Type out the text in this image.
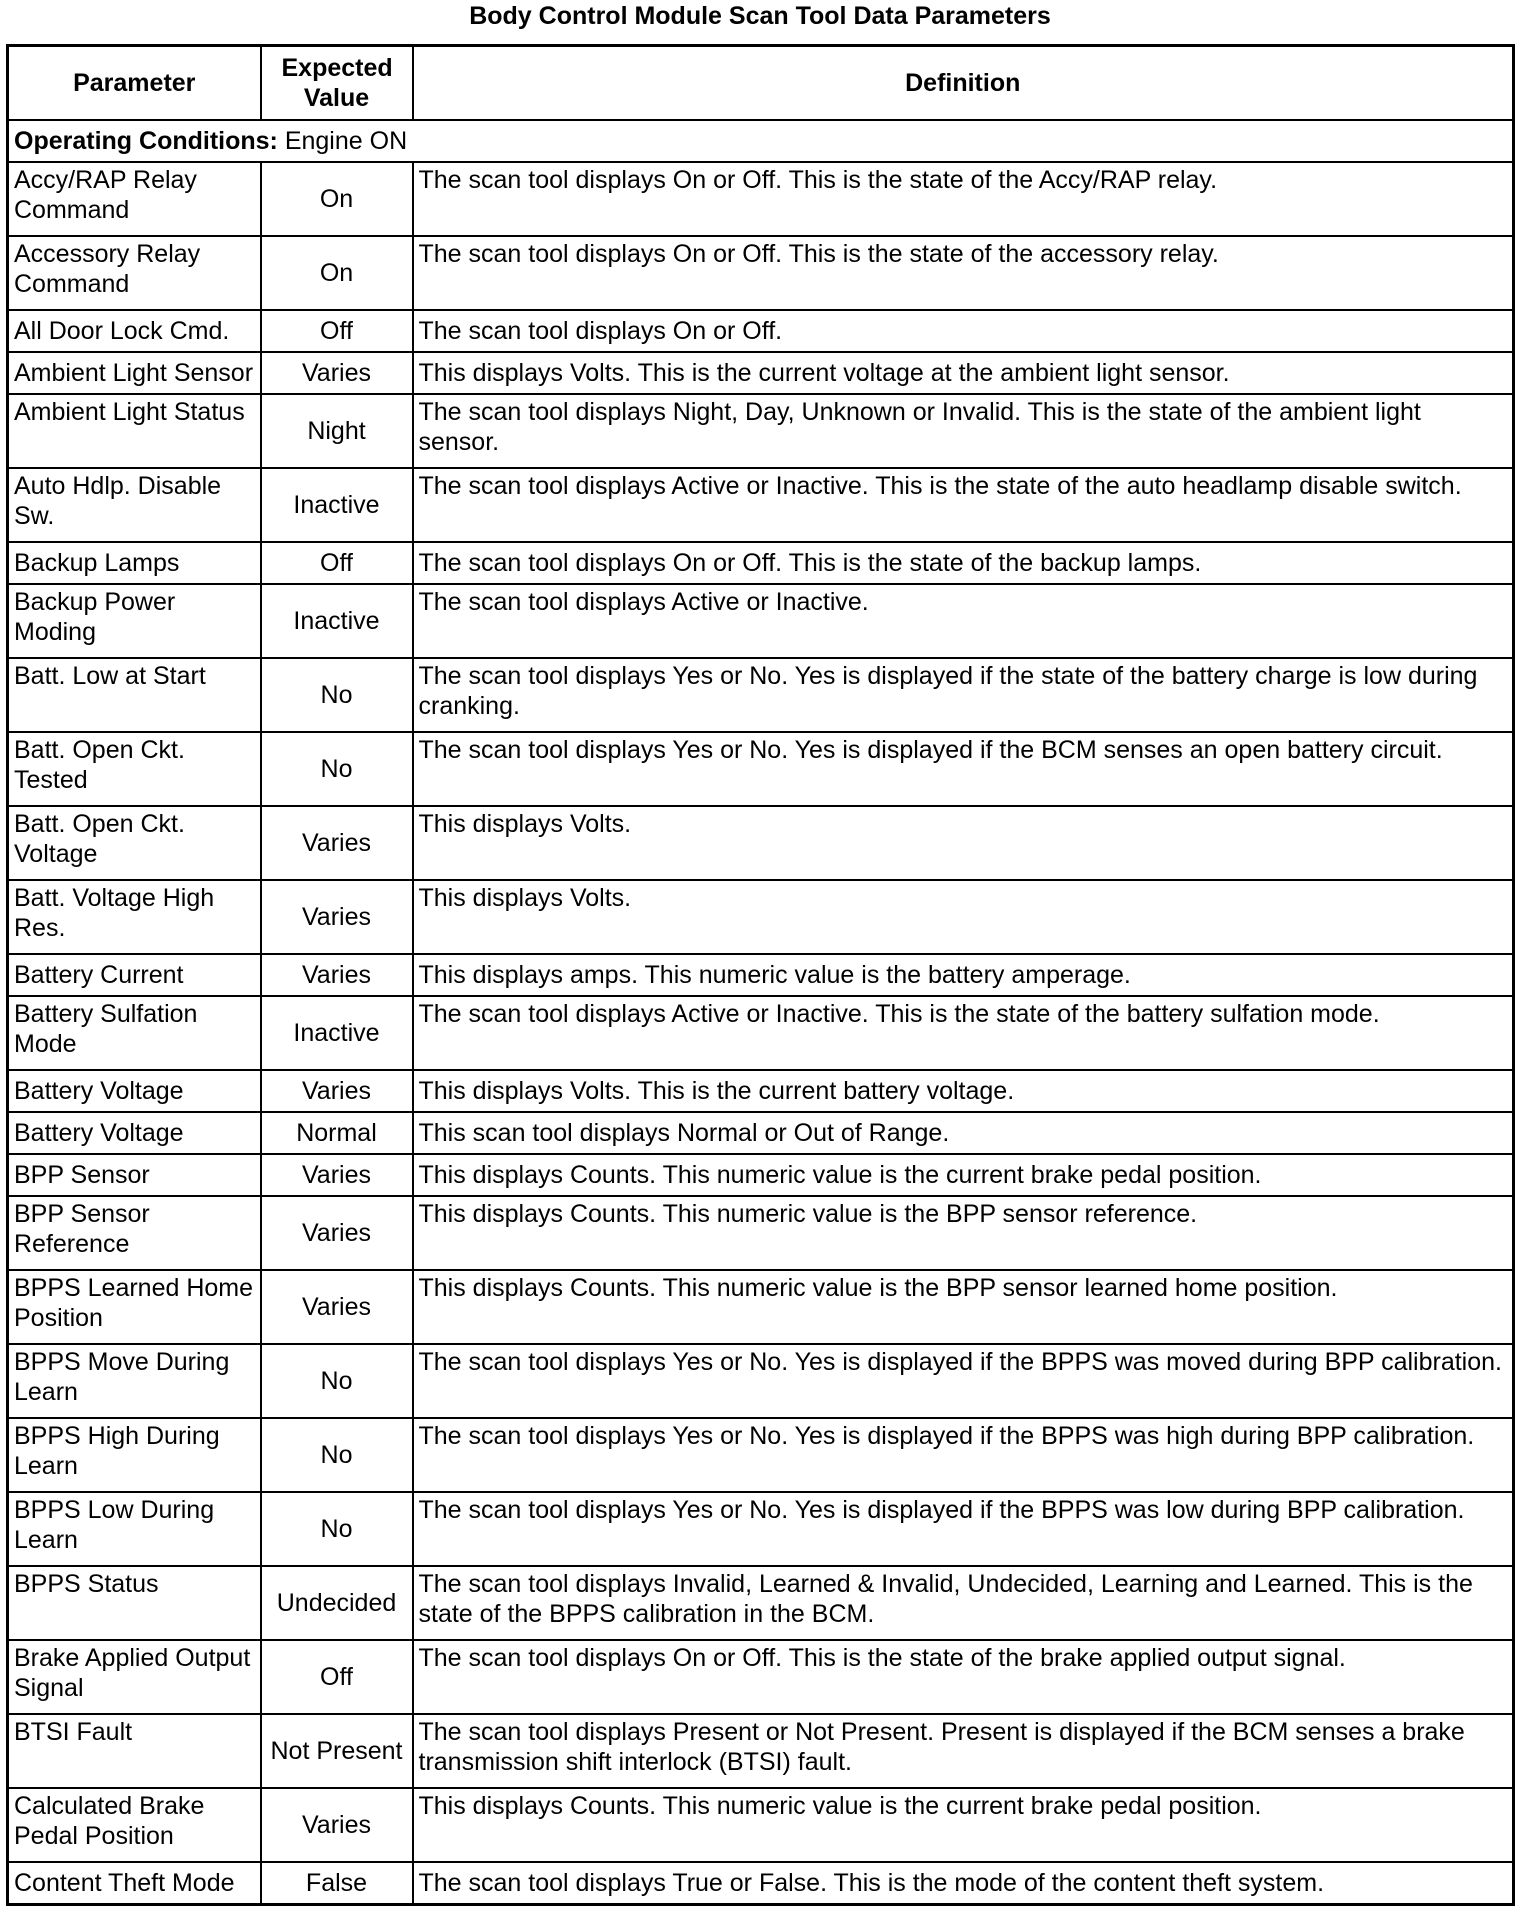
Body Control Module Scan Tool Data Parameters
Parameter	Expected Value	Definition
Operating Conditions: Engine ON		
Accy/RAP Relay Command	On	The scan tool displays On or Off. This is the state of the Accy/RAP relay.
Accessory Relay Command	On	The scan tool displays On or Off. This is the state of the accessory relay.
All Door Lock Cmd.	Off	The scan tool displays On or Off.
Ambient Light Sensor	Varies	This displays Volts. This is the current voltage at the ambient light sensor.
Ambient Light Status	Night	The scan tool displays Night, Day, Unknown or Invalid. This is the state of the ambient light sensor.
Auto Hdlp. Disable Sw.	Inactive	The scan tool displays Active or Inactive. This is the state of the auto headlamp disable switch.
Backup Lamps	Off	The scan tool displays On or Off. This is the state of the backup lamps.
Backup Power Moding	Inactive	The scan tool displays Active or Inactive.
Batt. Low at Start	No	The scan tool displays Yes or No. Yes is displayed if the state of the battery charge is low during cranking.
Batt. Open Ckt. Tested	No	The scan tool displays Yes or No. Yes is displayed if the BCM senses an open battery circuit.
Batt. Open Ckt. Voltage	Varies	This displays Volts.
Batt. Voltage High Res.	Varies	This displays Volts.
Battery Current	Varies	This displays amps. This numeric value is the battery amperage.
Battery Sulfation Mode	Inactive	The scan tool displays Active or Inactive. This is the state of the battery sulfation mode.
Battery Voltage	Varies	This displays Volts. This is the current battery voltage.
Battery Voltage	Normal	This scan tool displays Normal or Out of Range.
BPP Sensor	Varies	This displays Counts. This numeric value is the current brake pedal position.
BPP Sensor Reference	Varies	This displays Counts. This numeric value is the BPP sensor reference.
BPPS Learned Home Position	Varies	This displays Counts. This numeric value is the BPP sensor learned home position.
BPPS Move During Learn	No	The scan tool displays Yes or No. Yes is displayed if the BPPS was moved during BPP calibration.
BPPS High During Learn	No	The scan tool displays Yes or No. Yes is displayed if the BPPS was high during BPP calibration.
BPPS Low During Learn	No	The scan tool displays Yes or No. Yes is displayed if the BPPS was low during BPP calibration.
BPPS Status	Undecided	The scan tool displays Invalid, Learned & Invalid, Undecided, Learning and Learned. This is the state of the BPPS calibration in the BCM.
Brake Applied Output Signal	Off	The scan tool displays On or Off. This is the state of the brake applied output signal.
BTSI Fault	Not Present	The scan tool displays Present or Not Present. Present is displayed if the BCM senses a brake transmission shift interlock (BTSI) fault.
Calculated Brake Pedal Position	Varies	This displays Counts. This numeric value is the current brake pedal position.
Content Theft Mode	False	The scan tool displays True or False. This is the mode of the content theft system.
